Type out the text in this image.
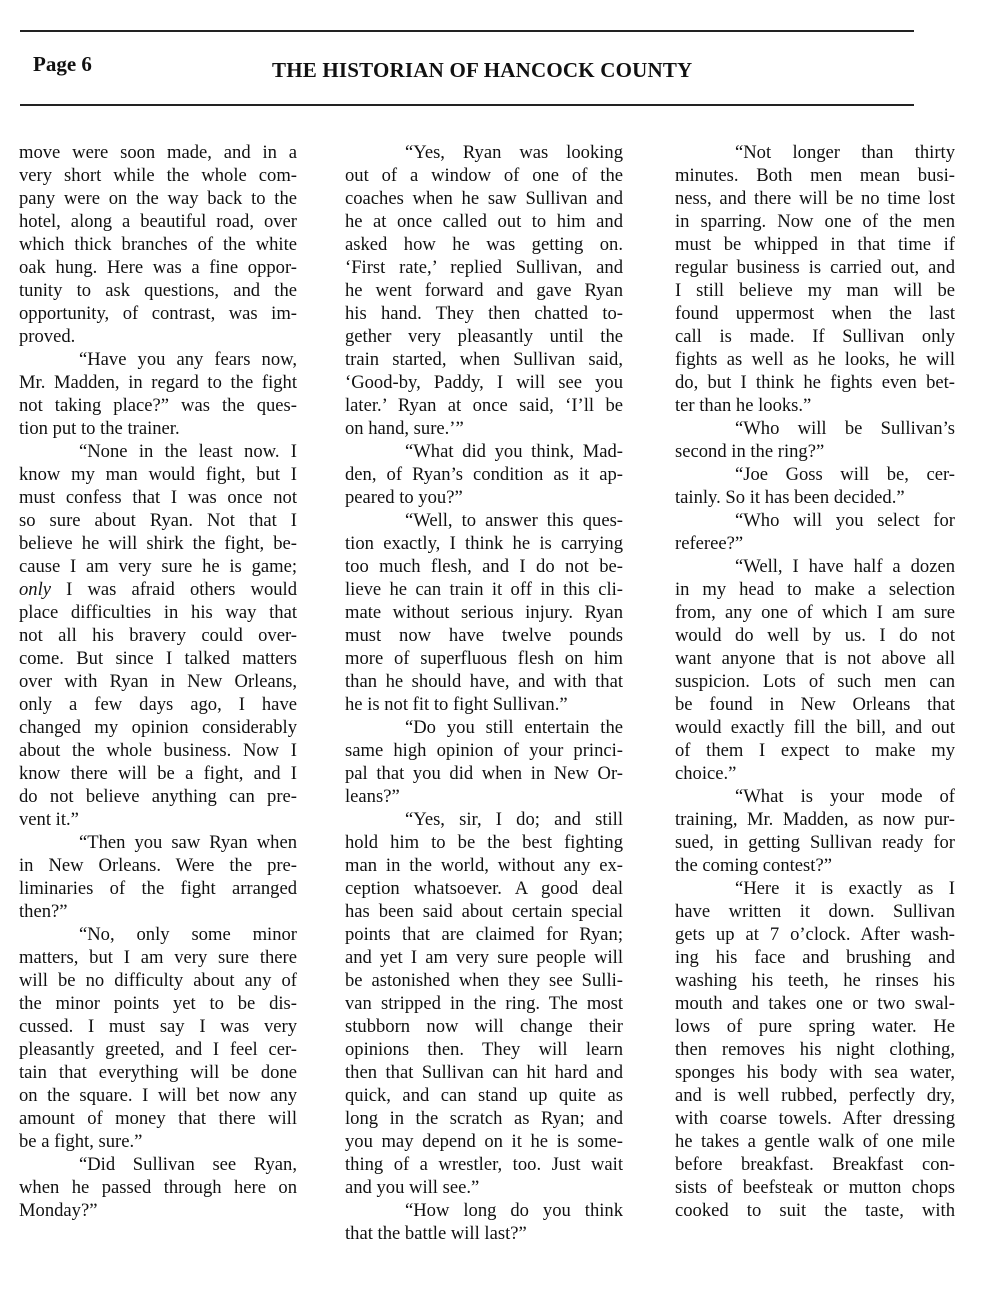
Page 6	THE HISTORIAN OF HANCOCK COUNTY
move were soon made, and in a
very short while the whole com-
pany were on the way back to the
hotel, along a beautiful road, over
which thick branches of the white
oak hung. Here was a fine oppor-
tunity to ask questions, and the
opportunity, of contrast, was im-
proved.
“Have you any fears now,
Mr. Madden, in regard to the fight
not taking place?” was the ques-
tion put to the trainer.
“None in the least now. I
know my man would fight, but I
must confess that I was once not
so sure about Ryan. Not that I
believe he will shirk the fight, be-
cause I am very sure he is game;
only I was afraid others would
place difficulties in his way that
not all his bravery could over-
come. But since I talked matters
over with Ryan in New Orleans,
only a few days ago, I have
changed my opinion considerably
about the whole business. Now I
know there will be a fight, and I
do not believe anything can pre-
vent it.”
“Then you saw Ryan when
in New Orleans. Were the pre-
liminaries of the fight arranged
then?”
“No, only some minor
matters, but I am very sure there
will be no difficulty about any of
the minor points yet to be dis-
cussed. I must say I was very
pleasantly greeted, and I feel cer-
tain that everything will be done
on the square. I will bet now any
amount of money that there will
be a fight, sure.”
“Did Sullivan see Ryan,
when he passed through here on
Monday?”
“Yes, Ryan was looking
out of a window of one of the
coaches when he saw Sullivan and
he at once called out to him and
asked how he was getting on.
‘First rate,’ replied Sullivan, and
he went forward and gave Ryan
his hand. They then chatted to-
gether very pleasantly until the
train started, when Sullivan said,
‘Good-by, Paddy, I will see you
later.’ Ryan at once said, ‘I’ll be
on hand, sure.’”
“What did you think, Mad-
den, of Ryan’s condition as it ap-
peared to you?”
“Well, to answer this ques-
tion exactly, I think he is carrying
too much flesh, and I do not be-
lieve he can train it off in this cli-
mate without serious injury. Ryan
must now have twelve pounds
more of superfluous flesh on him
than he should have, and with that
he is not fit to fight Sullivan.”
“Do you still entertain the
same high opinion of your princi-
pal that you did when in New Or-
leans?”
“Yes, sir, I do; and still
hold him to be the best fighting
man in the world, without any ex-
ception whatsoever. A good deal
has been said about certain special
points that are claimed for Ryan;
and yet I am very sure people will
be astonished when they see Sulli-
van stripped in the ring. The most
stubborn now will change their
opinions then. They will learn
then that Sullivan can hit hard and
quick, and can stand up quite as
long in the scratch as Ryan; and
you may depend on it he is some-
thing of a wrestler, too. Just wait
and you will see.”
“How long do you think
that the battle will last?”
“Not longer than thirty
minutes. Both men mean busi-
ness, and there will be no time lost
in sparring. Now one of the men
must be whipped in that time if
regular business is carried out, and
I still believe my man will be
found uppermost when the last
call is made. If Sullivan only
fights as well as he looks, he will
do, but I think he fights even bet-
ter than he looks.”
“Who will be Sullivan’s
second in the ring?”
“Joe Goss will be, cer-
tainly. So it has been decided.”
“Who will you select for
referee?”
“Well, I have half a dozen
in my head to make a selection
from, any one of which I am sure
would do well by us. I do not
want anyone that is not above all
suspicion. Lots of such men can
be found in New Orleans that
would exactly fill the bill, and out
of them I expect to make my
choice.”
“What is your mode of
training, Mr. Madden, as now pur-
sued, in getting Sullivan ready for
the coming contest?”
“Here it is exactly as I
have written it down. Sullivan
gets up at 7 o’clock. After wash-
ing his face and brushing and
washing his teeth, he rinses his
mouth and takes one or two swal-
lows of pure spring water. He
then removes his night clothing,
sponges his body with sea water,
and is well rubbed, perfectly dry,
with coarse towels. After dressing
he takes a gentle walk of one mile
before breakfast. Breakfast con-
sists of beefsteak or mutton chops
cooked to suit the taste, with
